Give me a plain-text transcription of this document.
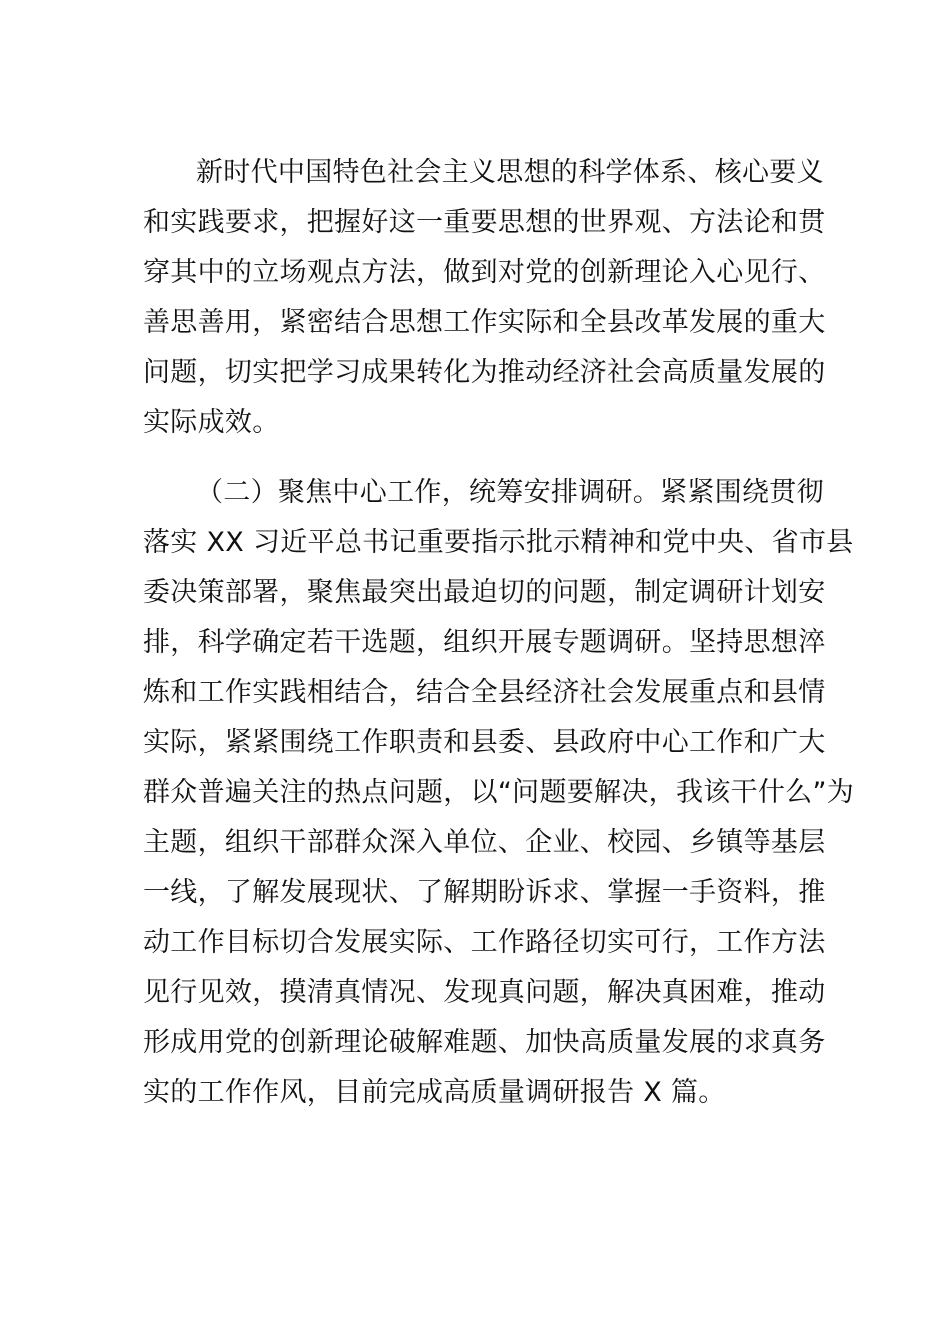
新时代中国特色社会主义思想的科学体系、核心要义

和实践要求，把握好这一重要思想的世界观、方法论和贯

穿其中的立场观点方法，做到对党的创新理论入心见行、

善思善用，紧密结合思想工作实际和全县改革发展的重大

问题，切实把学习成果转化为推动经济社会高质量发展的

实际成效。

（二）聚焦中心工作，统筹安排调研。紧紧围绕贯彻

落实 XX 习近平总书记重要指示批示精神和党中央、省市县

委决策部署，聚焦最突出最迫切的问题，制定调研计划安

排，科学确定若干选题，组织开展专题调研。坚持思想淬

炼和工作实践相结合，结合全县经济社会发展重点和县情

实际，紧紧围绕工作职责和县委、县政府中心工作和广大

群众普遍关注的热点问题，以“问题要解决，我该干什么”为

主题，组织干部群众深入单位、企业、校园、乡镇等基层

一线，了解发展现状、了解期盼诉求、掌握一手资料，推

动工作目标切合发展实际、工作路径切实可行，工作方法

见行见效，摸清真情况、发现真问题，解决真困难，推动

形成用党的创新理论破解难题、加快高质量发展的求真务

实的工作作风，目前完成高质量调研报告 X 篇。
